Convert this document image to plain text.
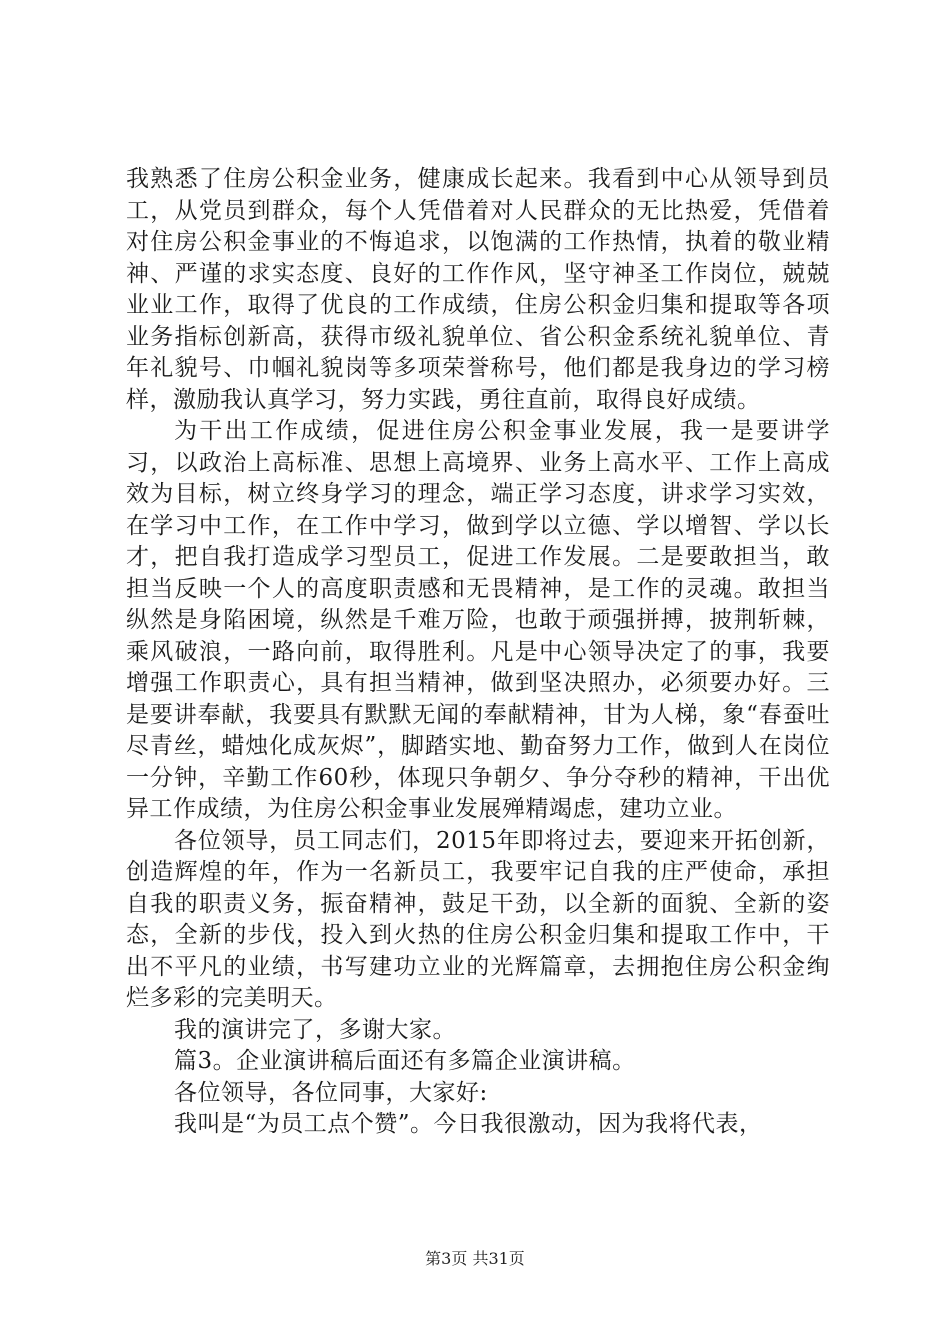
我熟悉了住房公积金业务，健康成长起来。我看到中心从领导到员工，从党员到群众，每个人凭借着对人民群众的无比热爱，凭借着对住房公积金事业的不悔追求，以饱满的工作热情，执着的敬业精神、严谨的求实态度、良好的工作作风，坚守神圣工作岗位，兢兢业业工作，取得了优良的工作成绩，住房公积金归集和提取等各项业务指标创新高，获得市级礼貌单位、省公积金系统礼貌单位、青年礼貌号、巾帼礼貌岗等多项荣誉称号，他们都是我身边的学习榜样，激励我认真学习，努力实践，勇往直前，取得良好成绩。

为干出工作成绩，促进住房公积金事业发展，我一是要讲学习，以政治上高标准、思想上高境界、业务上高水平、工作上高成效为目标，树立终身学习的理念，端正学习态度，讲求学习实效，在学习中工作，在工作中学习，做到学以立德、学以增智、学以长才，把自我打造成学习型员工，促进工作发展。二是要敢担当，敢担当反映一个人的高度职责感和无畏精神，是工作的灵魂。敢担当纵然是身陷困境，纵然是千难万险，也敢于顽强拼搏，披荆斩棘，乘风破浪，一路向前，取得胜利。凡是中心领导决定了的事，我要增强工作职责心，具有担当精神，做到坚决照办，必须要办好。三是要讲奉献，我要具有默默无闻的奉献精神，甘为人梯，象“春蚕吐尽青丝，蜡烛化成灰烬”，脚踏实地、勤奋努力工作，做到人在岗位一分钟，辛勤工作60秒，体现只争朝夕、争分夺秒的精神，干出优异工作成绩，为住房公积金事业发展殚精竭虑，建功立业。

各位领导，员工同志们，2015年即将过去，要迎来开拓创新，创造辉煌的年，作为一名新员工，我要牢记自我的庄严使命，承担自我的职责义务，振奋精神，鼓足干劲，以全新的面貌、全新的姿态，全新的步伐，投入到火热的住房公积金归集和提取工作中，干出不平凡的业绩，书写建功立业的光辉篇章，去拥抱住房公积金绚烂多彩的完美明天。

我的演讲完了，多谢大家。

篇3。企业演讲稿后面还有多篇企业演讲稿。

各位领导，各位同事，大家好:

我叫是“为员工点个赞”。今日我很激动，因为我将代表，

第3页 共31页
